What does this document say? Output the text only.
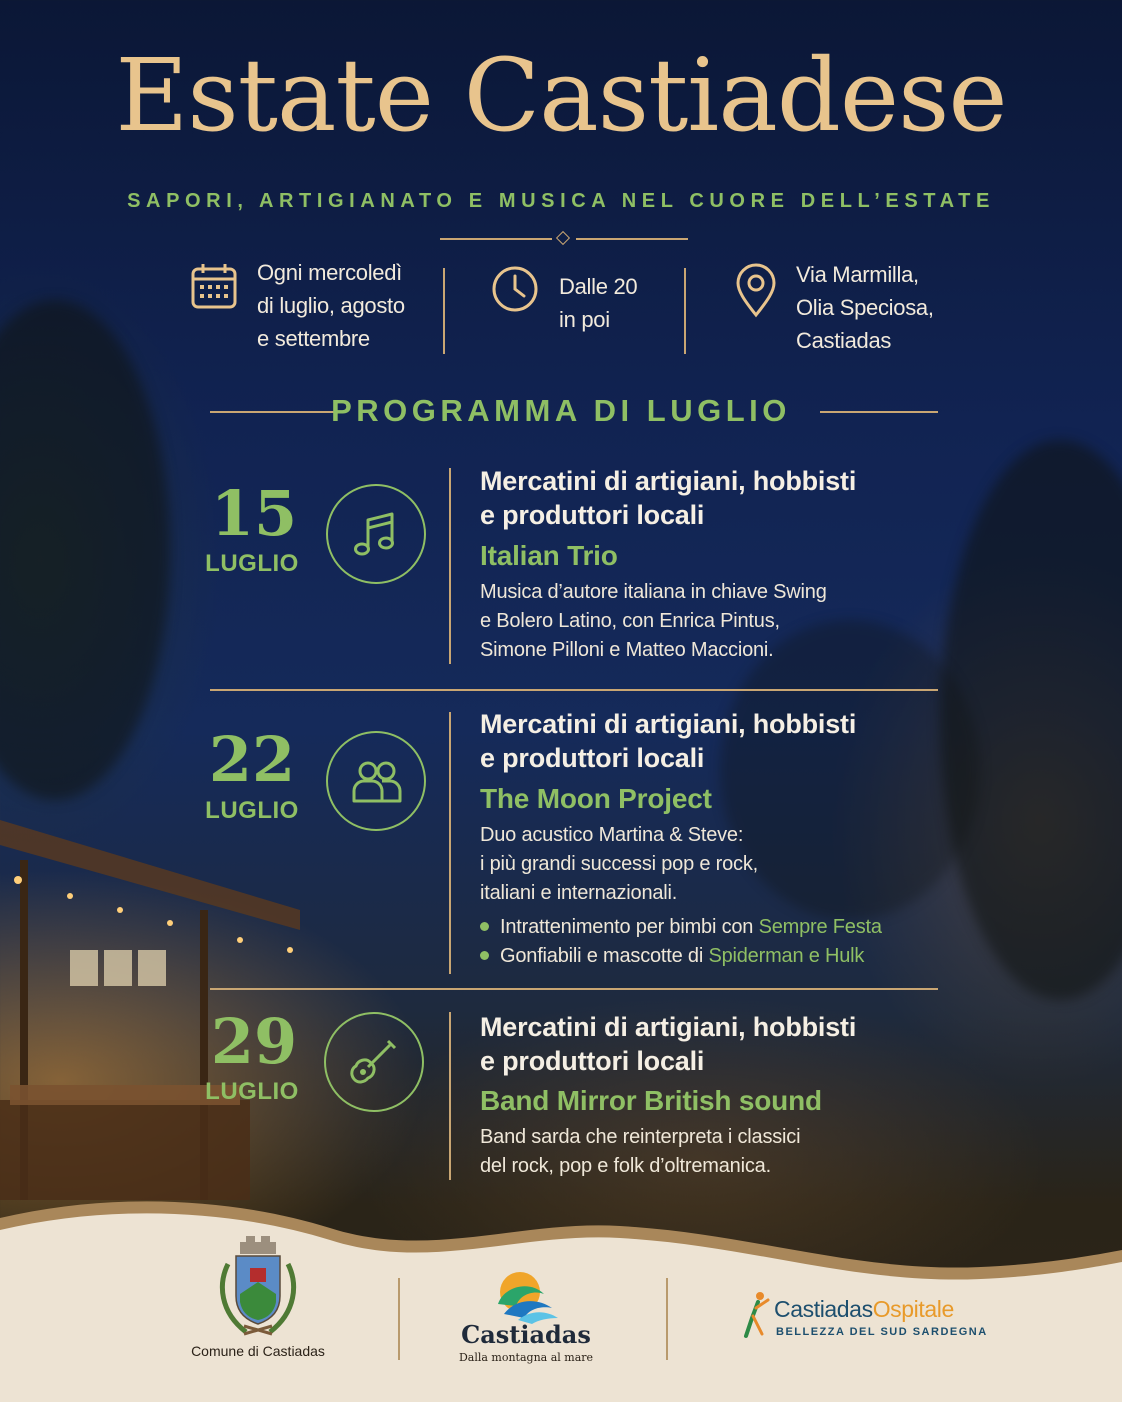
Estate Castiadese
SAPORI, ARTIGIANATO E MUSICA NEL CUORE DELL’ESTATE
Ogni mercoledì
di luglio, agosto
e settembre
Dalle 20
in poi
Via Marmilla,
Olia Speciosa,
Castiadas
PROGRAMMA DI LUGLIO
15
LUGLIO
Mercatini di artigiani, hobbisti
e produttori locali
Italian Trio
Musica d’autore italiana in chiave Swing
e Bolero Latino, con Enrica Pintus,
Simone Pilloni e Matteo Maccioni.
22
LUGLIO
Mercatini di artigiani, hobbisti
e produttori locali
The Moon Project
Duo acustico Martina & Steve:
i più grandi successi pop e rock,
italiani e internazionali.
Intrattenimento per bimbi con Sempre Festa
Gonfiabili e mascotte di Spiderman e Hulk
29
LUGLIO
Mercatini di artigiani, hobbisti
e produttori locali
Band Mirror British sound
Band sarda che reinterpreta i classici
del rock, pop e folk d’oltremanica.
Comune di Castiadas
Castiadas
Dalla montagna al mare
CastiadasOspitale
BELLEZZA DEL SUD SARDEGNA
